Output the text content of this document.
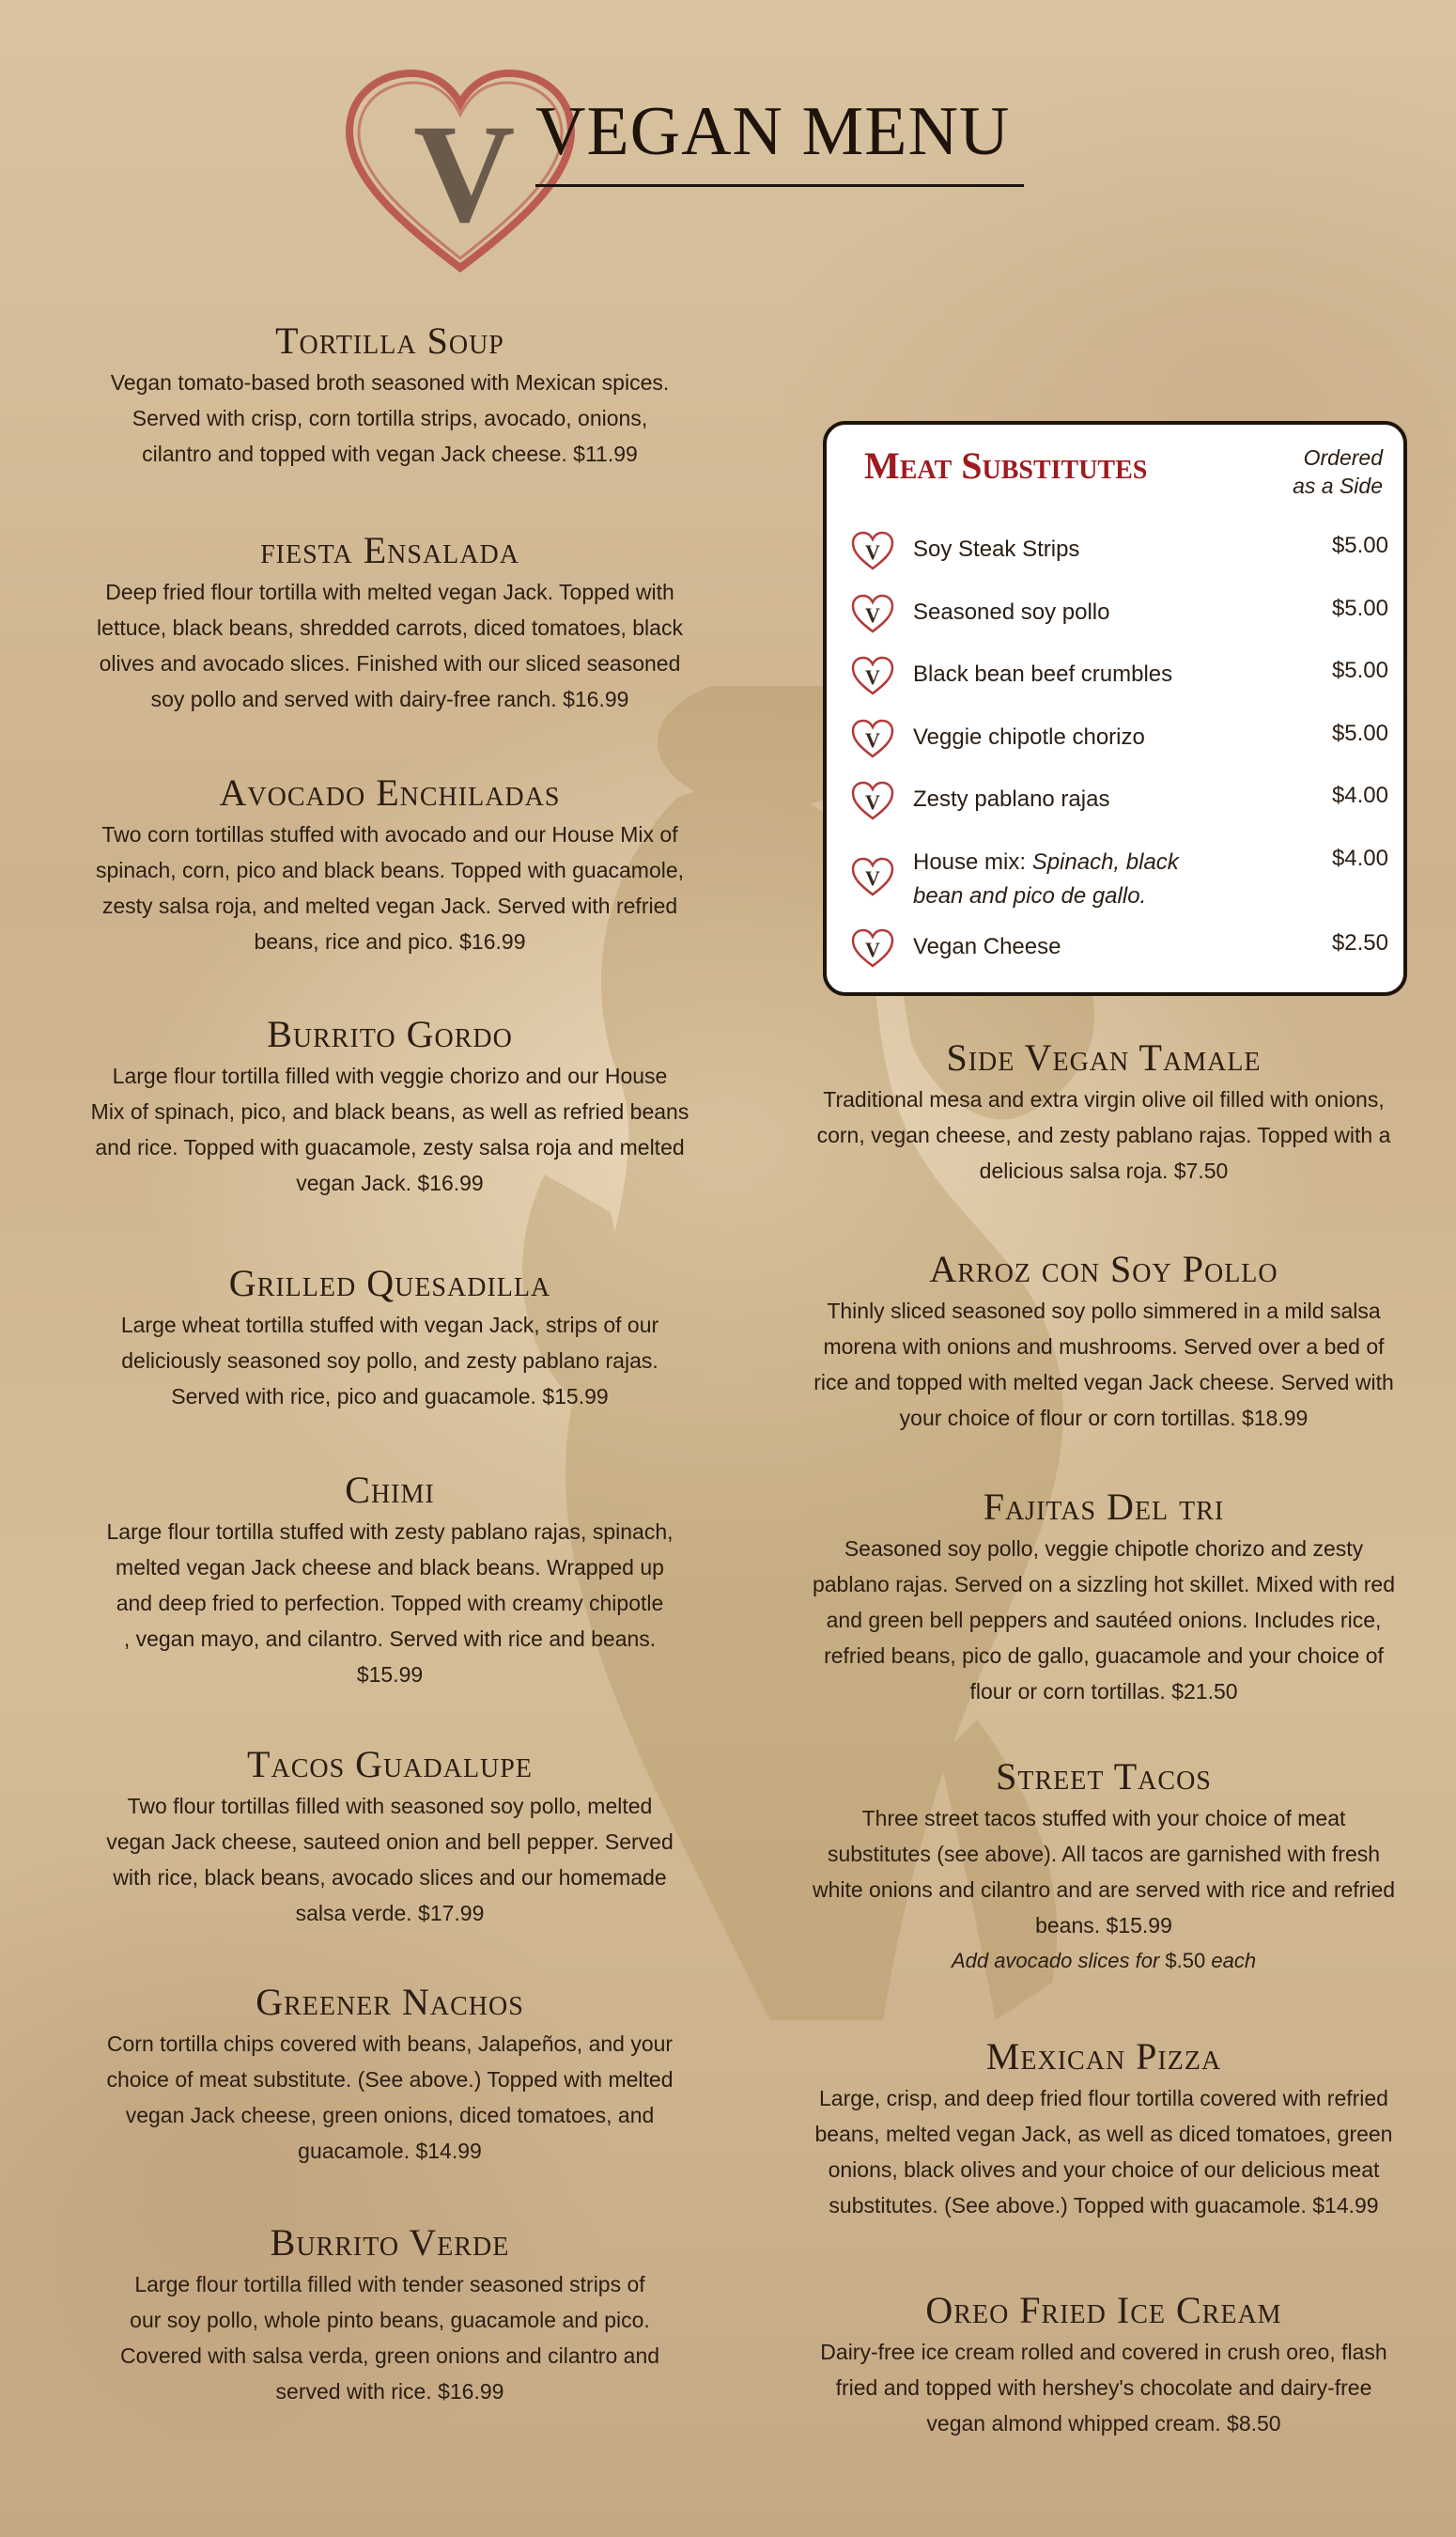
V VEGAN MENU
Tortilla Soup
Vegan tomato-based broth seasoned with Mexican spices.
Served with crisp, corn tortilla strips, avocado, onions,
cilantro and topped with vegan Jack cheese. $11.99
fiesta Ensalada
Deep fried flour tortilla with melted vegan Jack. Topped with
lettuce, black beans, shredded carrots, diced tomatoes, black
olives and avocado slices. Finished with our sliced seasoned
soy pollo and served with dairy-free ranch. $16.99
Avocado Enchiladas
Two corn tortillas stuffed with avocado and our House Mix of
spinach, corn, pico and black beans. Topped with guacamole,
zesty salsa roja, and melted vegan Jack. Served with refried
beans, rice and pico. $16.99
Burrito Gordo
Large flour tortilla filled with veggie chorizo and our House
Mix of spinach, pico, and black beans, as well as refried beans
and rice. Topped with guacamole, zesty salsa roja and melted
vegan Jack. $16.99
Grilled Quesadilla
Large wheat tortilla stuffed with vegan Jack, strips of our
deliciously seasoned soy pollo, and zesty pablano rajas.
Served with rice, pico and guacamole. $15.99
Chimi
Large flour tortilla stuffed with zesty pablano rajas, spinach,
melted vegan Jack cheese and black beans. Wrapped up
and deep fried to perfection. Topped with creamy chipotle
, vegan mayo, and cilantro. Served with rice and beans.
$15.99
Tacos Guadalupe
Two flour tortillas filled with seasoned soy pollo, melted
vegan Jack cheese, sauteed onion and bell pepper. Served
with rice, black beans, avocado slices and our homemade
salsa verde. $17.99
Greener Nachos
Corn tortilla chips covered with beans, Jalapeños, and your
choice of meat substitute. (See above.) Topped with melted
vegan Jack cheese, green onions, diced tomatoes, and
guacamole. $14.99
Burrito Verde
Large flour tortilla filled with tender seasoned strips of
our soy pollo, whole pinto beans, guacamole and pico.
Covered with salsa verda, green onions and cilantro and
served with rice. $16.99
Meat Substitutes	Ordered
as a Side
V Soy Steak Strips	$5.00
V Seasoned soy pollo	$5.00
V Black bean beef crumbles	$5.00
V Veggie chipotle chorizo	$5.00
V Zesty pablano rajas	$4.00
V
House mix: Spinach, black bean and pico de gallo.
$4.00
V Vegan Cheese	$2.50
Side Vegan Tamale
Traditional mesa and extra virgin olive oil filled with onions,
corn, vegan cheese, and zesty pablano rajas. Topped with a
delicious salsa roja. $7.50
Arroz con Soy Pollo
Thinly sliced seasoned soy pollo simmered in a mild salsa
morena with onions and mushrooms. Served over a bed of
rice and topped with melted vegan Jack cheese. Served with
your choice of flour or corn tortillas. $18.99
Fajitas Del tri
Seasoned soy pollo, veggie chipotle chorizo and zesty
pablano rajas. Served on a sizzling hot skillet. Mixed with red
and green bell peppers and sautéed onions. Includes rice,
refried beans, pico de gallo, guacamole and your choice of
flour or corn tortillas. $21.50
Street Tacos
Three street tacos stuffed with your choice of meat
substitutes (see above). All tacos are garnished with fresh
white onions and cilantro and are served with rice and refried
beans. $15.99
Add avocado slices for $.50 each
Mexican Pizza
Large, crisp, and deep fried flour tortilla covered with refried
beans, melted vegan Jack, as well as diced tomatoes, green
onions, black olives and your choice of our delicious meat
substitutes. (See above.) Topped with guacamole. $14.99
Oreo Fried Ice Cream
Dairy-free ice cream rolled and covered in crush oreo, flash
fried and topped with hershey's chocolate and dairy-free
vegan almond whipped cream. $8.50
